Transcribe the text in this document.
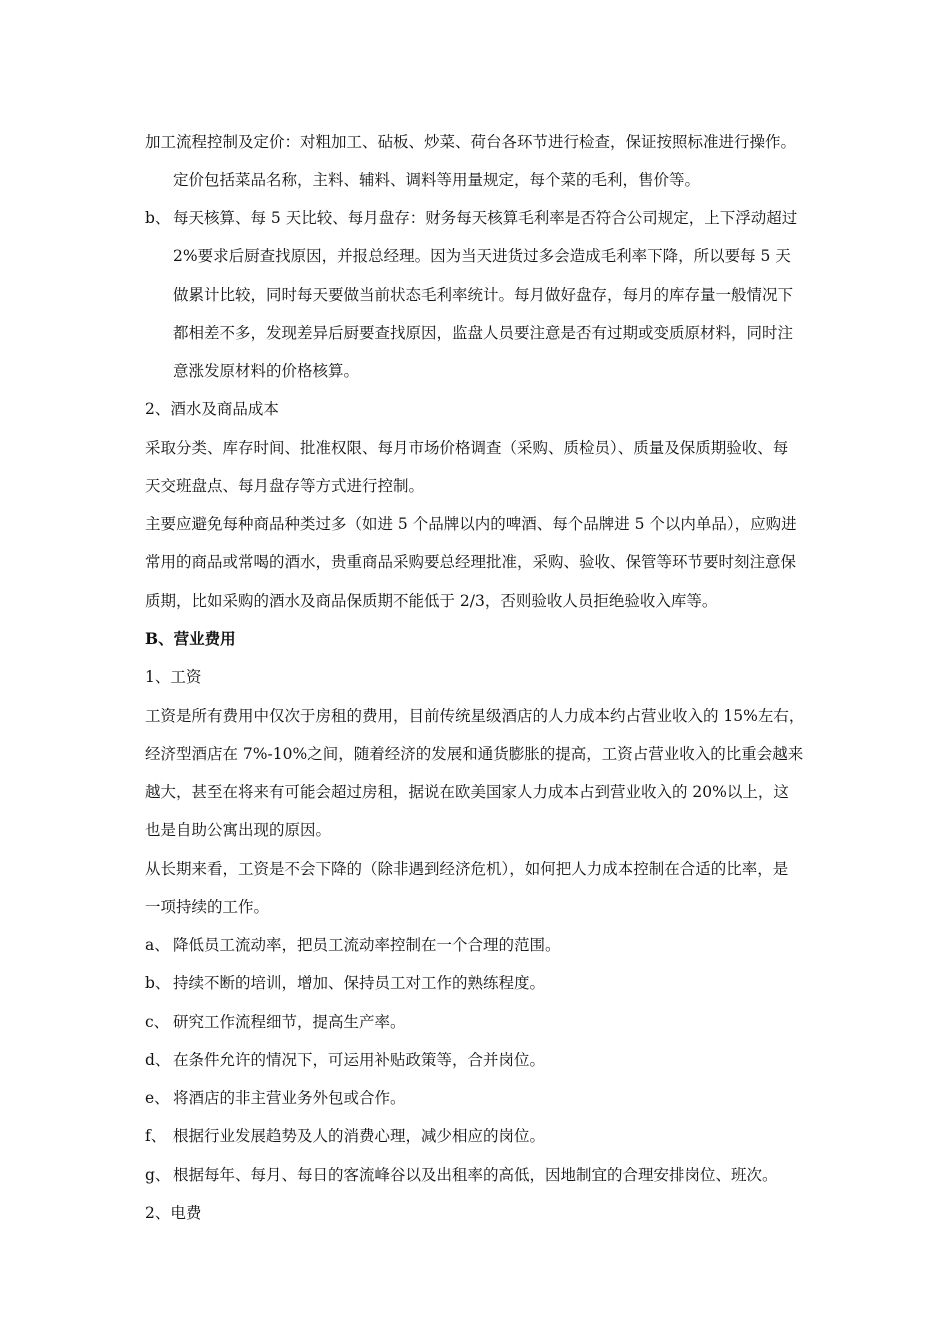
加工流程控制及定价：对粗加工、砧板、炒菜、荷台各环节进行检查，保证按照标准进行操作。
定价包括菜品名称，主料、辅料、调料等用量规定，每个菜的毛利，售价等。
b、 每天核算、每 5 天比较、每月盘存：财务每天核算毛利率是否符合公司规定，上下浮动超过
2%要求后厨查找原因，并报总经理。因为当天进货过多会造成毛利率下降，所以要每 5 天
做累计比较，同时每天要做当前状态毛利率统计。每月做好盘存，每月的库存量一般情况下
都相差不多，发现差异后厨要查找原因，监盘人员要注意是否有过期或变质原材料，同时注
意涨发原材料的价格核算。
2、酒水及商品成本
采取分类、库存时间、批准权限、每月市场价格调查（采购、质检员）、质量及保质期验收、每
天交班盘点、每月盘存等方式进行控制。
主要应避免每种商品种类过多（如进 5 个品牌以内的啤酒、每个品牌进 5 个以内单品），应购进
常用的商品或常喝的酒水，贵重商品采购要总经理批准，采购、验收、保管等环节要时刻注意保
质期，比如采购的酒水及商品保质期不能低于 2/3，否则验收人员拒绝验收入库等。
B、营业费用
1、工资
工资是所有费用中仅次于房租的费用，目前传统星级酒店的人力成本约占营业收入的 15%左右，
经济型酒店在 7%-10%之间，随着经济的发展和通货膨胀的提高，工资占营业收入的比重会越来
越大，甚至在将来有可能会超过房租，据说在欧美国家人力成本占到营业收入的 20%以上，这
也是自助公寓出现的原因。
从长期来看，工资是不会下降的（除非遇到经济危机），如何把人力成本控制在合适的比率，是
一项持续的工作。
a、 降低员工流动率，把员工流动率控制在一个合理的范围。
b、 持续不断的培训，增加、保持员工对工作的熟练程度。
c、 研究工作流程细节，提高生产率。
d、 在条件允许的情况下，可运用补贴政策等，合并岗位。
e、 将酒店的非主营业务外包或合作。
f、 根据行业发展趋势及人的消费心理，减少相应的岗位。
g、 根据每年、每月、每日的客流峰谷以及出租率的高低，因地制宜的合理安排岗位、班次。
2、电费
